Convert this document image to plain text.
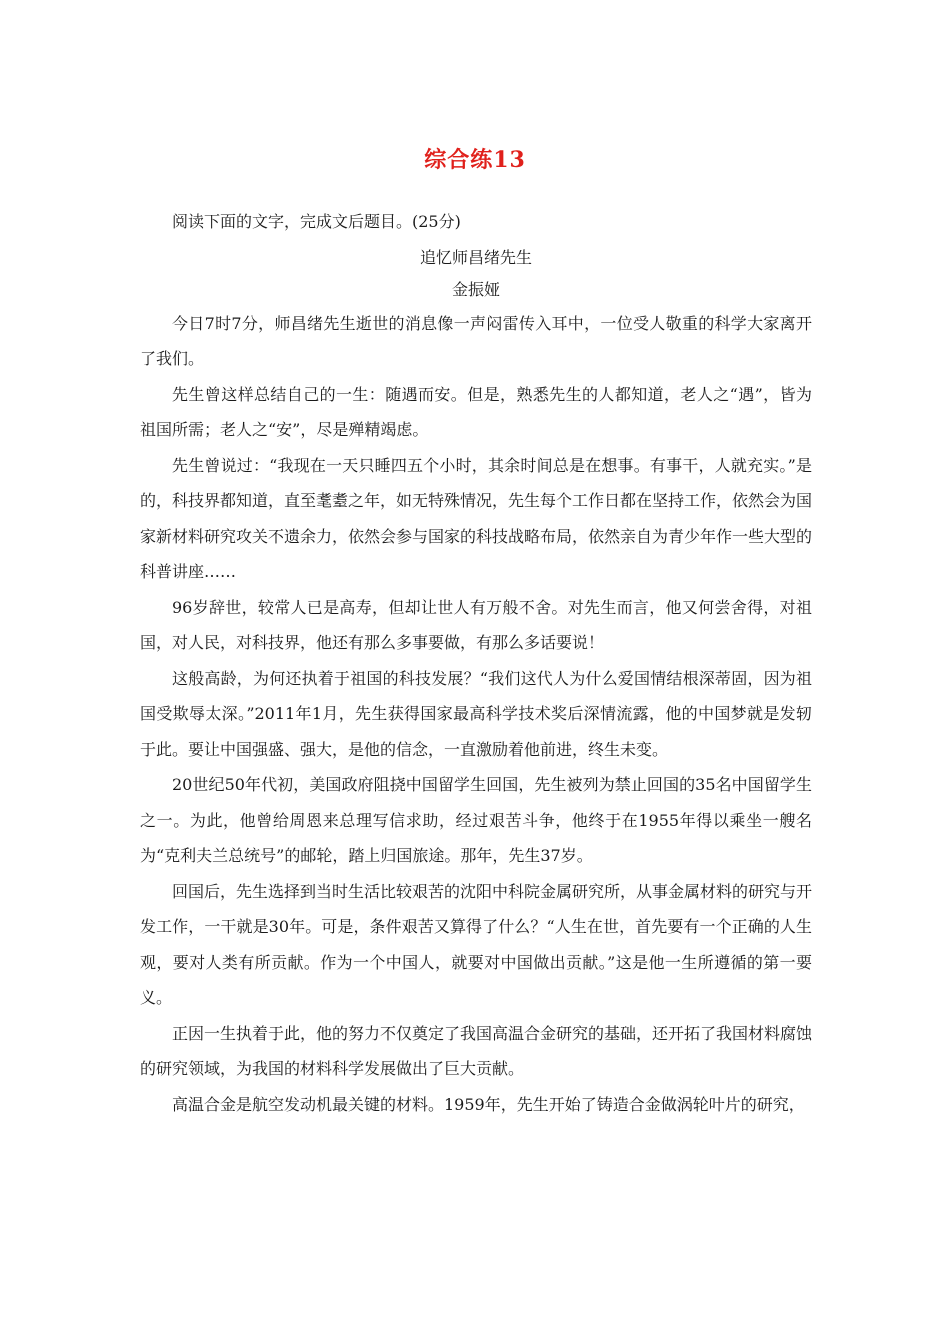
综合练13

阅读下面的文字，完成文后题目。(25分)

追忆师昌绪先生

金振娅

今日7时7分，师昌绪先生逝世的消息像一声闷雷传入耳中，一位受人敬重的科学大家离开了我们。

先生曾这样总结自己的一生：随遇而安。但是，熟悉先生的人都知道，老人之“遇”，皆为祖国所需；老人之“安”，尽是殚精竭虑。

先生曾说过：“我现在一天只睡四五个小时，其余时间总是在想事。有事干，人就充实。”是的，科技界都知道，直至耄耋之年，如无特殊情况，先生每个工作日都在坚持工作，依然会为国家新材料研究攻关不遗余力，依然会参与国家的科技战略布局，依然亲自为青少年作一些大型的科普讲座……

96岁辞世，较常人已是高寿，但却让世人有万般不舍。对先生而言，他又何尝舍得，对祖国，对人民，对科技界，他还有那么多事要做，有那么多话要说！

这般高龄，为何还执着于祖国的科技发展？“我们这代人为什么爱国情结根深蒂固，因为祖国受欺辱太深。”2011年1月，先生获得国家最高科学技术奖后深情流露，他的中国梦就是发轫于此。要让中国强盛、强大，是他的信念，一直激励着他前进，终生未变。

20世纪50年代初，美国政府阻挠中国留学生回国，先生被列为禁止回国的35名中国留学生之一。为此，他曾给周恩来总理写信求助，经过艰苦斗争，他终于在1955年得以乘坐一艘名为“克利夫兰总统号”的邮轮，踏上归国旅途。那年，先生37岁。

回国后，先生选择到当时生活比较艰苦的沈阳中科院金属研究所，从事金属材料的研究与开发工作，一干就是30年。可是，条件艰苦又算得了什么？“人生在世，首先要有一个正确的人生观，要对人类有所贡献。作为一个中国人，就要对中国做出贡献。”这是他一生所遵循的第一要义。

正因一生执着于此，他的努力不仅奠定了我国高温合金研究的基础，还开拓了我国材料腐蚀的研究领域，为我国的材料科学发展做出了巨大贡献。

高温合金是航空发动机最关键的材料。1959年，先生开始了铸造合金做涡轮叶片的研究，
